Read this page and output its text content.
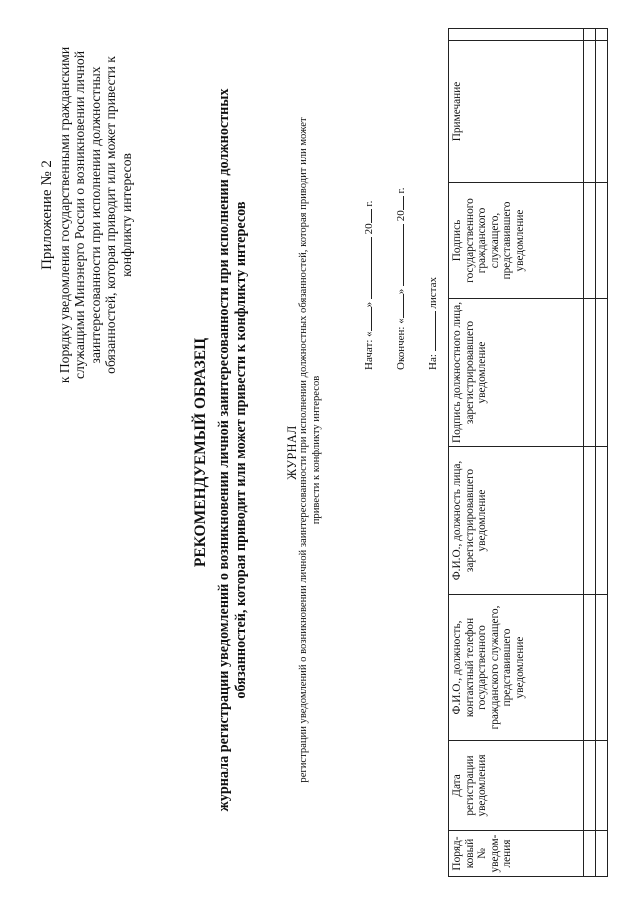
Приложение № 2 к Порядку уведомления государственными гражданскими служащими Минэнерго России о возникновении личной заинтересованности при исполнении должностных обязанностей, которая приводит или может привести к конфликту интересов
РЕКОМЕНДУЕМЫЙ ОБРАЗЕЦ журнала регистрации уведомлений о возникновении личной заинтересованности при исполнении должностных обязанностей, которая приводит или может привести к конфликту интересов	ЖУРНАЛ регистрации уведомлений о возникновении личной заинтересованности при исполнении должностных обязанностей, которая приводит или может привести к конфликту интересов
Начат: «»  20 г.
Окончен: «»  20 г.
На:  листах
Поряд- ковый № уведом- ления	Дата регистрации уведомления	Ф.И.О., должность, контактный телефон государственного гражданского служащего, представившего уведомление	Ф.И.О., должность лица, зарегистрировавшего уведомление	Подпись должностного лица, зарегистрировавшего уведомление	Подпись государственного гражданского служащего, представившего уведомление	Примечание	
